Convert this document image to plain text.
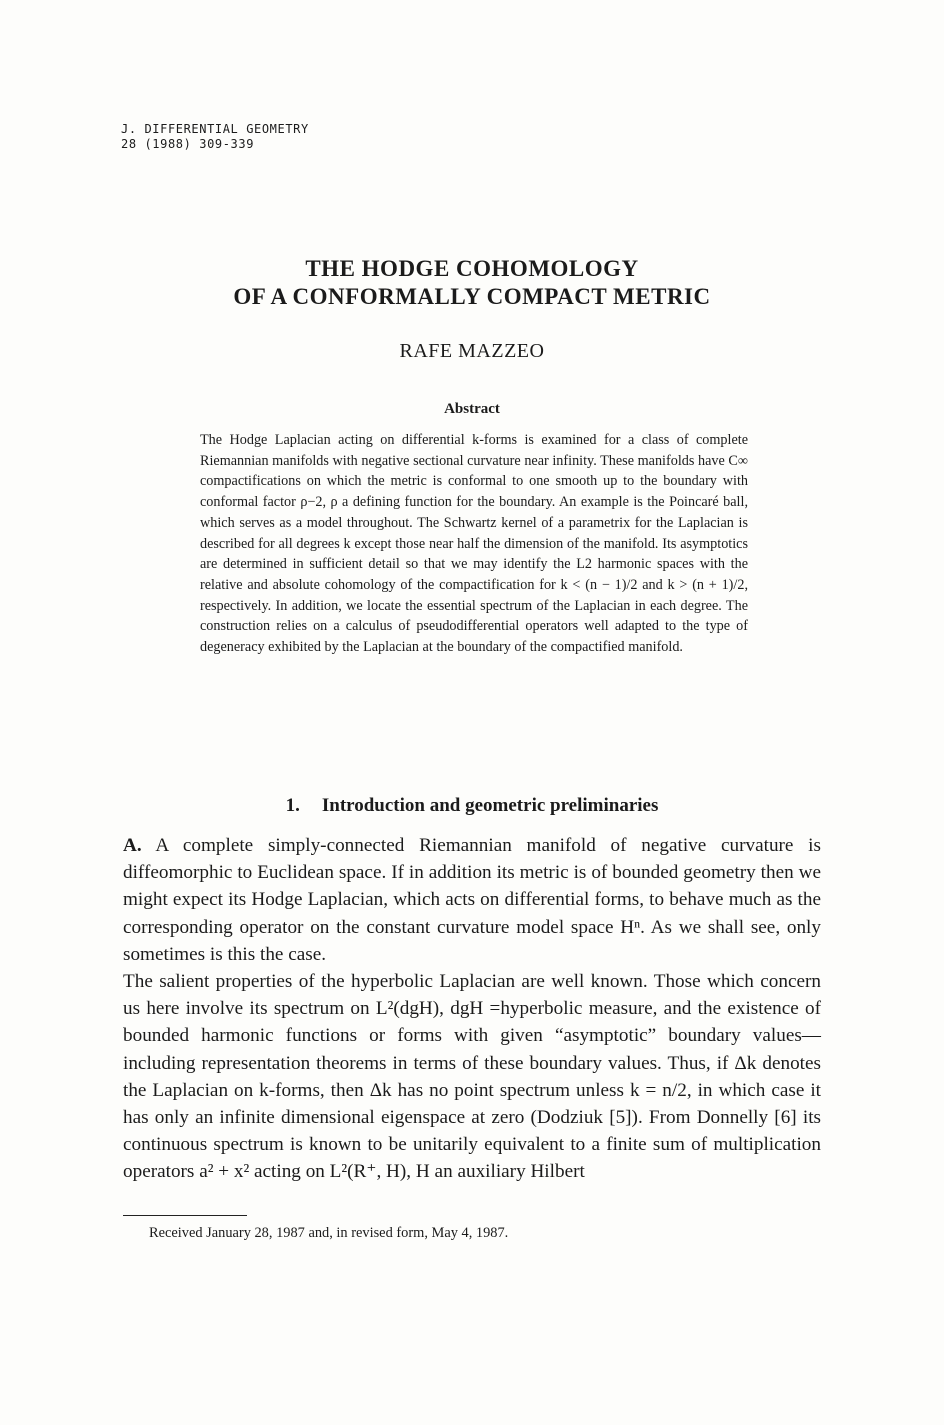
J. DIFFERENTIAL GEOMETRY
28 (1988) 309-339
THE HODGE COHOMOLOGY
OF A CONFORMALLY COMPACT METRIC
RAFE MAZZEO
Abstract
The Hodge Laplacian acting on differential k-forms is examined for a class of complete Riemannian manifolds with negative sectional curvature near infinity. These manifolds have C∞ compactifications on which the metric is conformal to one smooth up to the boundary with conformal factor ρ−2, ρ a defining function for the boundary. An example is the Poincaré ball, which serves as a model throughout. The Schwartz kernel of a parametrix for the Laplacian is described for all degrees k except those near half the dimension of the manifold. Its asymptotics are determined in sufficient detail so that we may identify the L2 harmonic spaces with the relative and absolute cohomology of the compactification for k < (n − 1)/2 and k > (n + 1)/2, respectively. In addition, we locate the essential spectrum of the Laplacian in each degree. The construction relies on a calculus of pseudodifferential operators well adapted to the type of degeneracy exhibited by the Laplacian at the boundary of the compactified manifold.
1. Introduction and geometric preliminaries

A. A complete simply-connected Riemannian manifold of negative curvature is diffeomorphic to Euclidean space. If in addition its metric is of bounded geometry then we might expect its Hodge Laplacian, which acts on differential forms, to behave much as the corresponding operator on the constant curvature model space Hⁿ. As we shall see, only sometimes is this the case.

The salient properties of the hyperbolic Laplacian are well known. Those which concern us here involve its spectrum on L²(dgH), dgH =hyperbolic measure, and the existence of bounded harmonic functions or forms with given “asymptotic” boundary values—including representation theorems in terms of these boundary values. Thus, if Δk denotes the Laplacian on k-forms, then Δk has no point spectrum unless k = n/2, in which case it has only an infinite dimensional eigenspace at zero (Dodziuk [5]). From Donnelly [6] its continuous spectrum is known to be unitarily equivalent to a finite sum of multiplication operators a² + x² acting on L²(R⁺, H), H an auxiliary Hilbert

Received January 28, 1987 and, in revised form, May 4, 1987.
